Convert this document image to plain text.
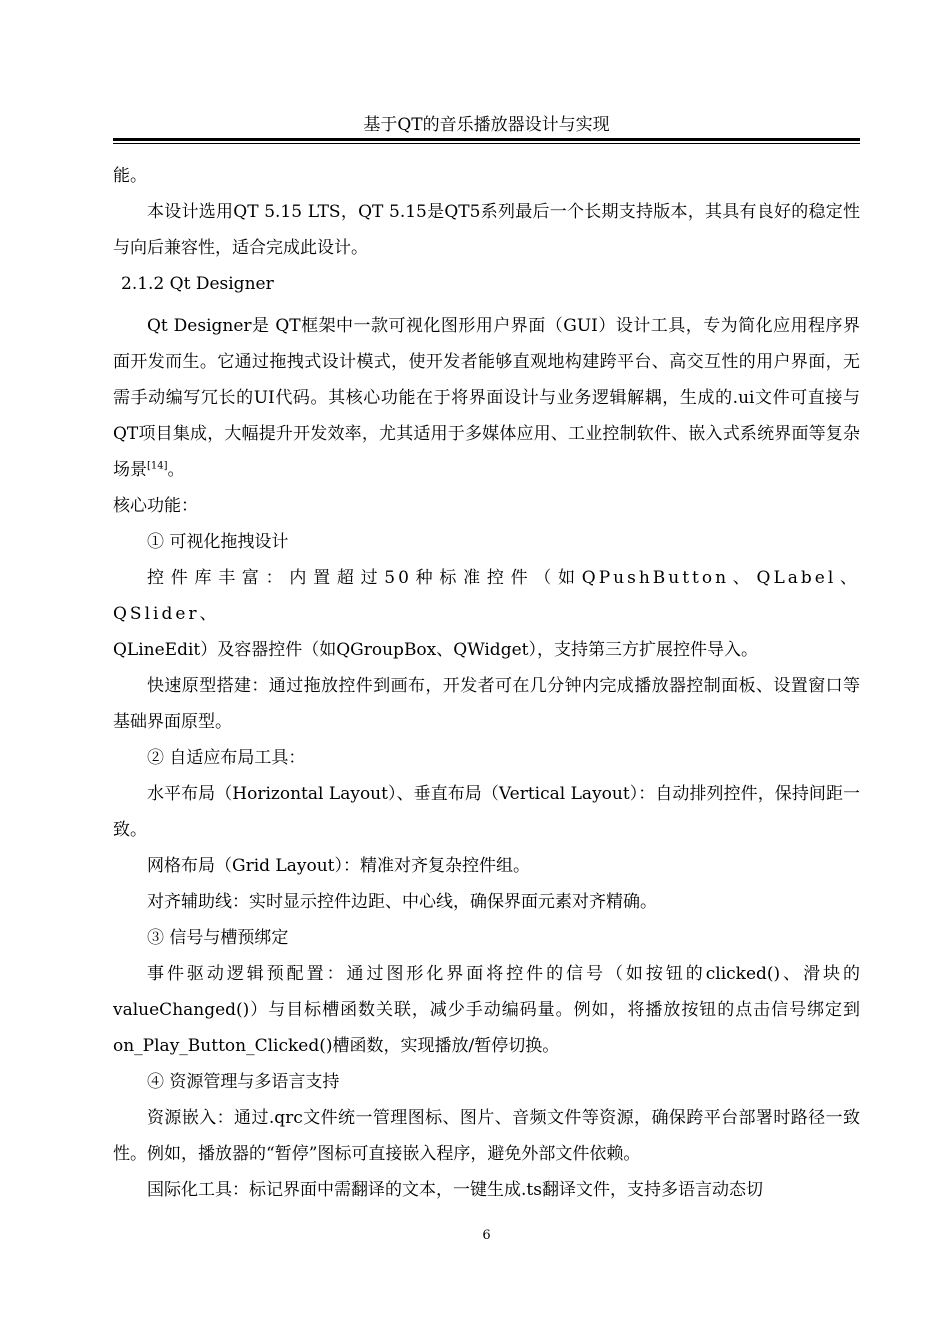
基于QT的音乐播放器设计与实现

能。

本设计选用QT 5.15 LTS，QT 5.15是QT5系列最后一个长期支持版本，其具有良好的稳定性与向后兼容性，适合完成此设计。

2.1.2 Qt Designer

Qt Designer是 QT框架中一款可视化图形用户界面（GUI）设计工具，专为简化应用程序界面开发而生。它通过拖拽式设计模式，使开发者能够直观地构建跨平台、高交互性的用户界面，无需手动编写冗长的UI代码。其核心功能在于将界面设计与业务逻辑解耦，生成的.ui文件可直接与QT项目集成，大幅提升开发效率，尤其适用于多媒体应用、工业控制软件、嵌入式系统界面等复杂场景[14]。

核心功能：

① 可视化拖拽设计

控件库丰富：内置超过50种标准控件（如QPushButton、QLabel、QSlider、

QLineEdit）及容器控件（如QGroupBox、QWidget），支持第三方扩展控件导入。

快速原型搭建：通过拖放控件到画布，开发者可在几分钟内完成播放器控制面板、设置窗口等基础界面原型。

② 自适应布局工具：

水平布局（Horizontal Layout）、垂直布局（Vertical Layout）：自动排列控件，保持间距一致。

网格布局（Grid Layout）：精准对齐复杂控件组。

对齐辅助线：实时显示控件边距、中心线，确保界面元素对齐精确。

③ 信号与槽预绑定

事件驱动逻辑预配置：通过图形化界面将控件的信号（如按钮的clicked()、滑块的valueChanged()）与目标槽函数关联，减少手动编码量。例如，将播放按钮的点击信号绑定到on_Play_Button_Clicked()槽函数，实现播放/暂停切换。

④ 资源管理与多语言支持

资源嵌入：通过.qrc文件统一管理图标、图片、音频文件等资源，确保跨平台部署时路径一致性。例如，播放器的“暂停”图标可直接嵌入程序，避免外部文件依赖。

国际化工具：标记界面中需翻译的文本，一键生成.ts翻译文件，支持多语言动态切

6
